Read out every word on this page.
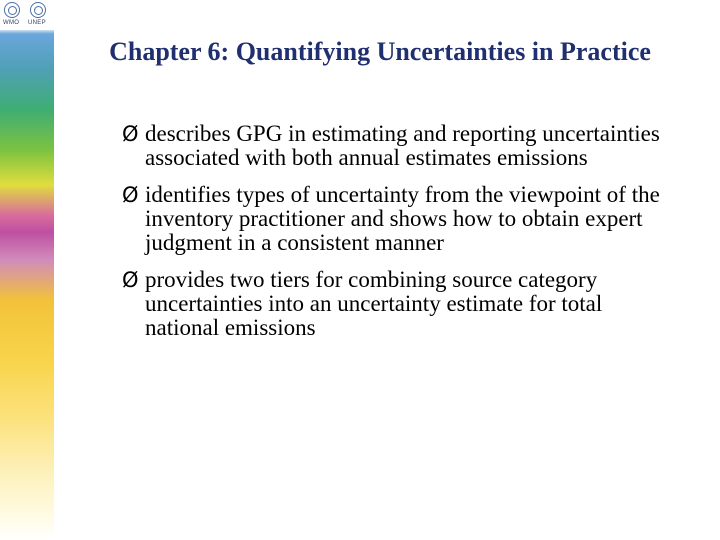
WMO UNEP
Chapter 6: Quantifying Uncertainties in Practice
Ø describes GPG in estimating and reporting uncertainties associated with both annual estimates emissions
Ø identifies types of uncertainty from the viewpoint of the inventory practitioner and shows how to obtain expert judgment in a consistent manner
Ø provides two tiers for combining source category uncertainties into an uncertainty estimate for total national emissions
